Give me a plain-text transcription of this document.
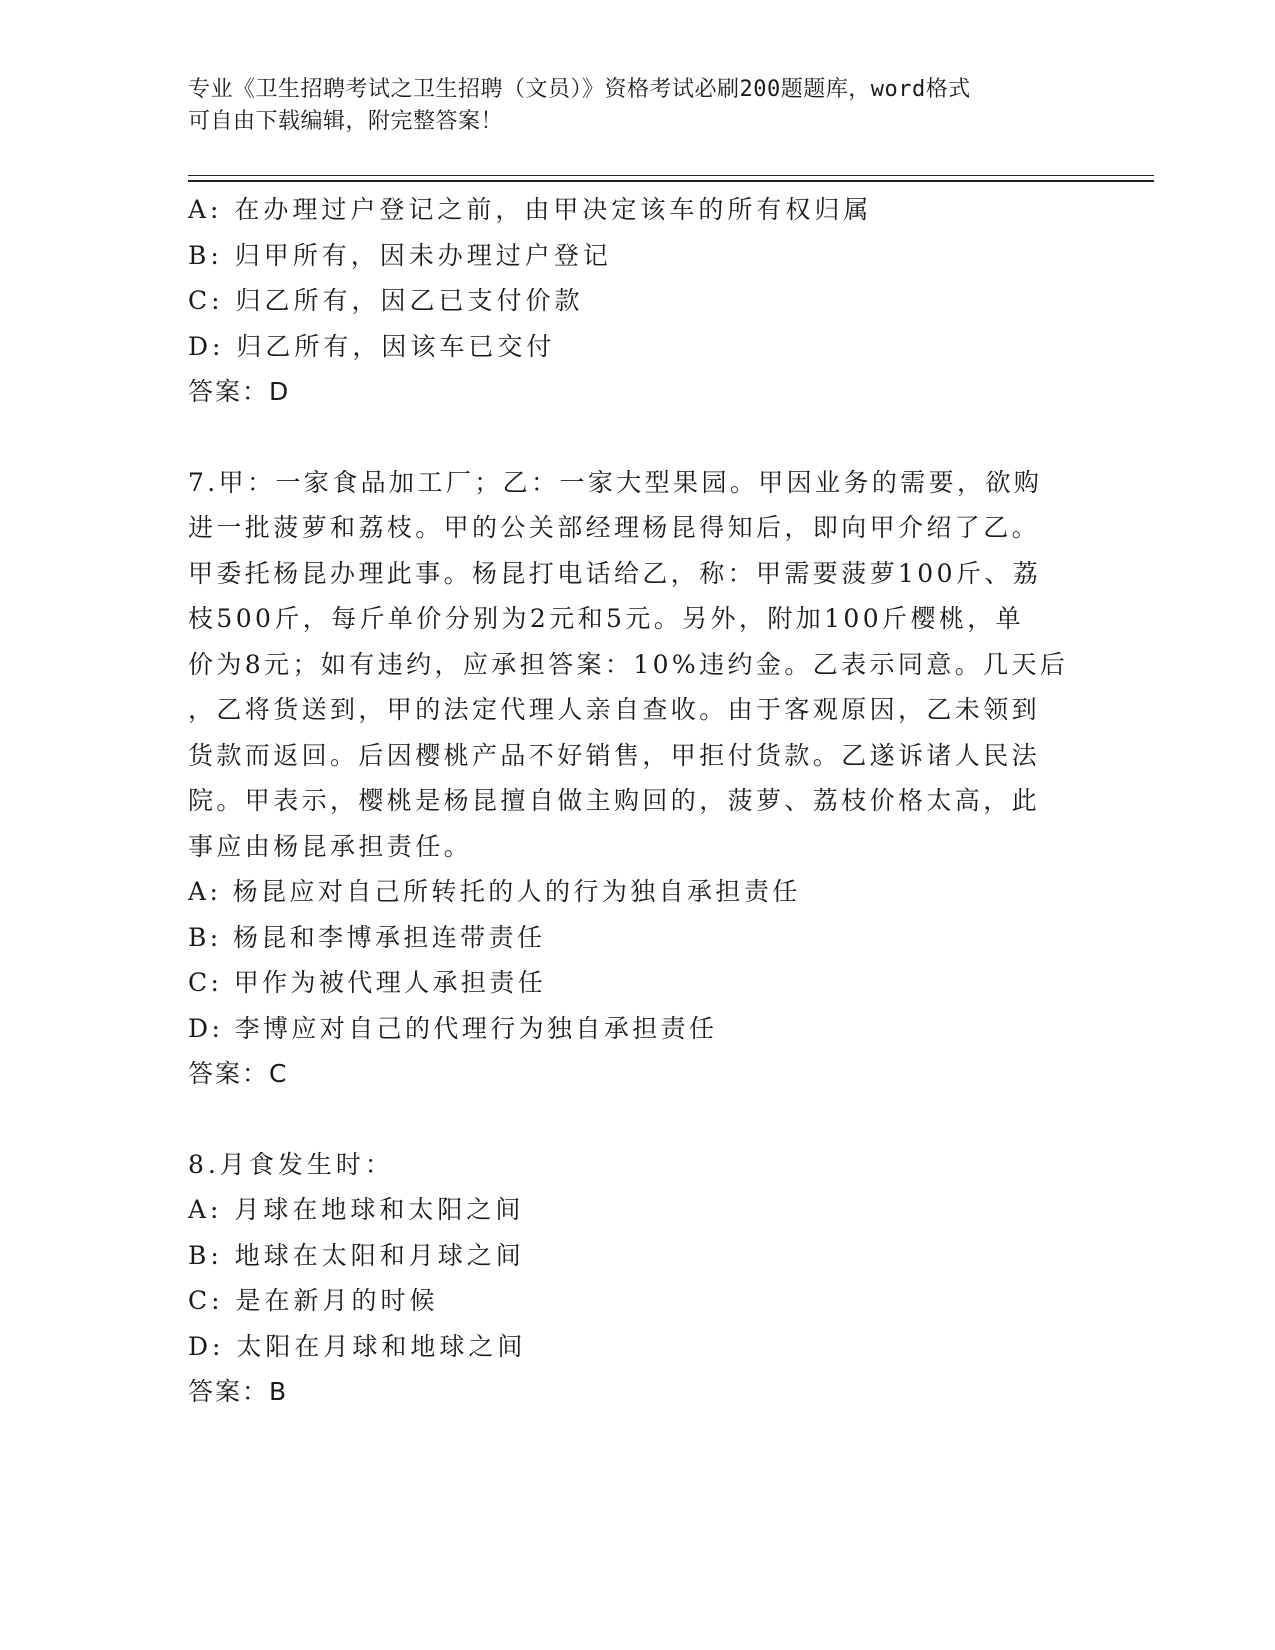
专业《卫生招聘考试之卫生招聘（文员）》资格考试必刷200题题库，word格式

可自由下载编辑，附完整答案！

A: 在办理过户登记之前，由甲决定该车的所有权归属
B: 归甲所有，因未办理过户登记
C: 归乙所有，因乙已支付价款
D: 归乙所有，因该车已交付
答案：D
7.甲：一家食品加工厂；乙：一家大型果园。甲因业务的需要，欲购
进一批菠萝和荔枝。甲的公关部经理杨昆得知后，即向甲介绍了乙。
甲委托杨昆办理此事。杨昆打电话给乙，称：甲需要菠萝100斤、荔
枝500斤，每斤单价分别为2元和5元。另外，附加100斤樱桃，单
价为8元；如有违约，应承担答案：10%违约金。乙表示同意。几天后
，乙将货送到，甲的法定代理人亲自查收。由于客观原因，乙未领到
货款而返回。后因樱桃产品不好销售，甲拒付货款。乙遂诉诸人民法
院。甲表示，樱桃是杨昆擅自做主购回的，菠萝、荔枝价格太高，此
事应由杨昆承担责任。
A: 杨昆应对自己所转托的人的行为独自承担责任
B: 杨昆和李博承担连带责任
C: 甲作为被代理人承担责任
D: 李博应对自己的代理行为独自承担责任
答案：C
8.月食发生时：
A: 月球在地球和太阳之间
B: 地球在太阳和月球之间
C: 是在新月的时候
D: 太阳在月球和地球之间
答案：B
